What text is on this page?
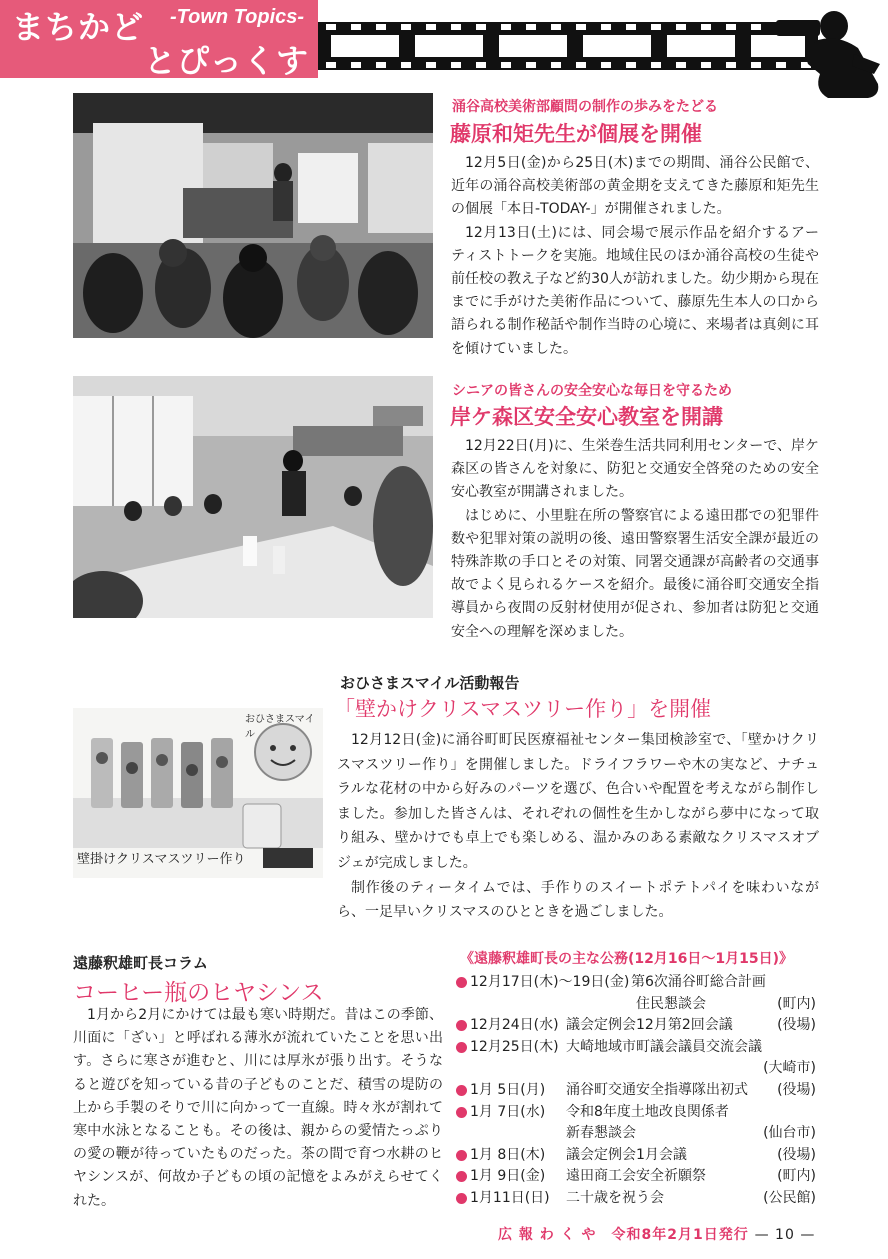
まちかど -Town Topics-
とぴっくす
涌谷高校美術部顧問の制作の歩みをたどる
藤原和矩先生が個展を開催

12月5日(金)から25日(木)までの期間、涌谷公民館で、近年の涌谷高校美術部の黄金期を支えてきた藤原和矩先生の個展「本日-TODAY-」が開催されました。

12月13日(土)には、同会場で展示作品を紹介するアーティストトークを実施。地域住民のほか涌谷高校の生徒や前任校の教え子など約30人が訪れました。幼少期から現在までに手がけた美術作品について、藤原先生本人の口から語られる制作秘話や制作当時の心境に、来場者は真剣に耳を傾けていました。

シニアの皆さんの安全安心な毎日を守るため
岸ケ森区安全安心教室を開講

12月22日(月)に、生栄巻生活共同利用センターで、岸ケ森区の皆さんを対象に、防犯と交通安全啓発のための安全安心教室が開講されました。

はじめに、小里駐在所の警察官による遠田郡での犯罪件数や犯罪対策の説明の後、遠田警察署生活安全課が最近の特殊詐欺の手口とその対策、同署交通課が高齢者の交通事故でよく見られるケースを紹介。最後に涌谷町交通安全指導員から夜間の反射材使用が促され、参加者は防犯と交通安全への理解を深めました。

おひさまスマイル活動報告
「壁かけクリスマスツリー作り」を開催
おひさまスマイル
壁掛けクリスマスツリー作り

12月12日(金)に涌谷町町民医療福祉センター集団検診室で、「壁かけクリスマスツリー作り」を開催しました。ドライフラワーや木の実など、ナチュラルな花材の中から好みのパーツを選び、色合いや配置を考えながら制作しました。参加した皆さんは、それぞれの個性を生かしながら夢中になって取り組み、壁かけでも卓上でも楽しめる、温かみのある素敵なクリスマスオブジェが完成しました。

制作後のティータイムでは、手作りのスイートポテトパイを味わいながら、一足早いクリスマスのひとときを過ごしました。

遠藤釈雄町長コラム
コーヒー瓶のヒヤシンス

1月から2月にかけては最も寒い時期だ。昔はこの季節、川面に「ざい」と呼ばれる薄氷が流れていたことを思い出す。さらに寒さが進むと、川には厚氷が張り出す。そうなると遊びを知っている昔の子どものことだ、積雪の堤防の上から手製のそりで川に向かって一直線。時々氷が割れて寒中水泳となることも。その後は、親からの愛情たっぷりの愛の鞭が待っていたものだった。茶の間で育つ水耕のヒヤシンスが、何故か子どもの頃の記憶をよみがえらせてくれた。

《遠藤釈雄町長の主な公務(12月16日～1月15日)》
12月17日(木)～19日(金) 第6次涌谷町総合計画
住民懇談会	(町内)
12月24日(水) 議会定例会12月第2回会議	(役場)
12月25日(木) 大崎地域市町議会議員交流会議
(大崎市)
1月 5日(月) 涌谷町交通安全指導隊出初式 (役場)
1月 7日(水) 令和8年度土地改良関係者
新春懇談会	(仙台市)
1月 8日(木) 議会定例会1月会議	(役場)
1月 9日(金) 遠田商工会安全祈願祭	(町内)
1月11日(日) 二十歳を祝う会	(公民館)
広 報 わ く や　令和8年2月1日発行 — 10 —
